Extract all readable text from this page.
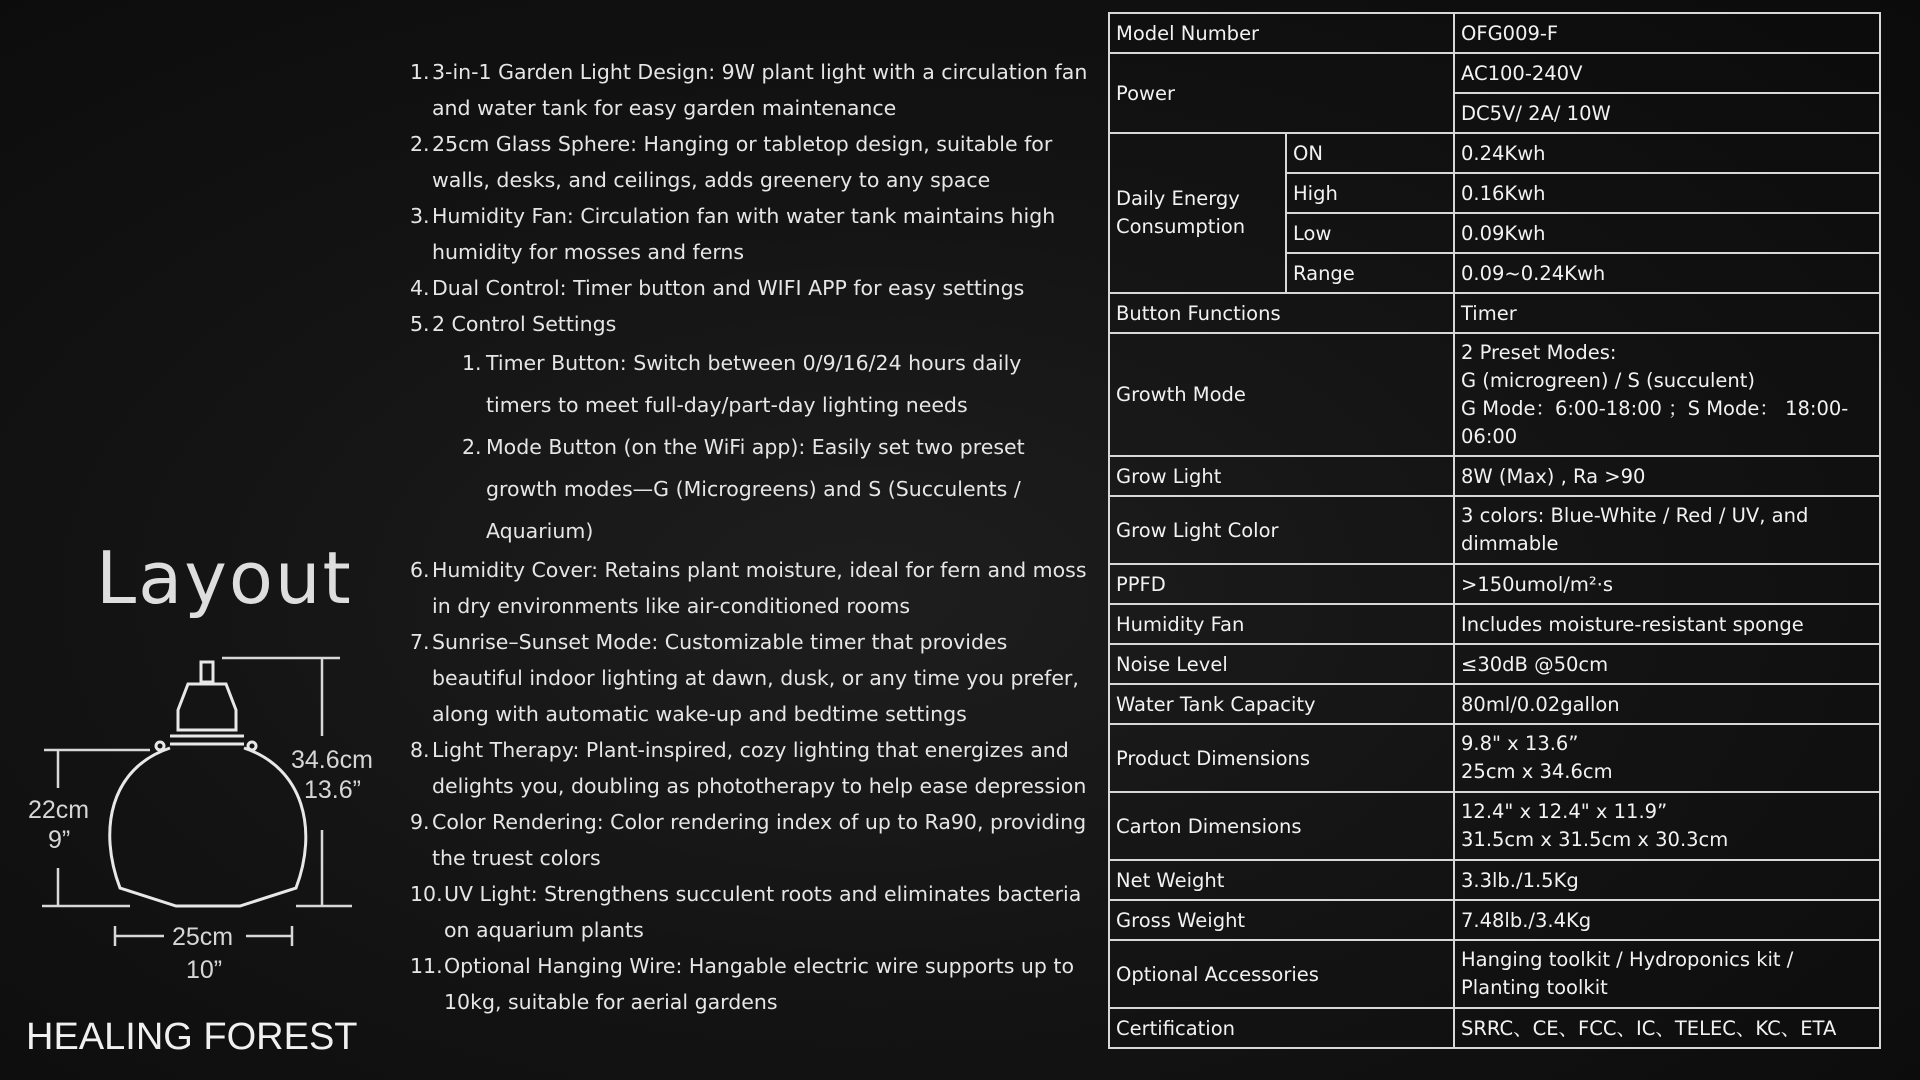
Layout
34.6cm
13.6”
22cm
9”
25cm
10”
HEALING FOREST
1. 3-in-1 Garden Light Design: 9W plant light with a circulation fan and water tank for easy garden maintenance
2. 25cm Glass Sphere: Hanging or tabletop design, suitable for walls, desks, and ceilings, adds greenery to any space
3. Humidity Fan: Circulation fan with water tank maintains high humidity for mosses and ferns
4. Dual Control: Timer button and WIFI APP for easy settings
5. 2 Control Settings
1. Timer Button: Switch between 0/9/16/24 hours daily timers to meet full-day/part-day lighting needs
2. Mode Button (on the WiFi app): Easily set two preset growth modes—G (Microgreens) and S (Succulents / Aquarium)
6. Humidity Cover: Retains plant moisture, ideal for fern and moss in dry environments like air-conditioned rooms
7. Sunrise–Sunset Mode: Customizable timer that provides beautiful indoor lighting at dawn, dusk, or any time you prefer, along with automatic wake-up and bedtime settings
8. Light Therapy: Plant-inspired, cozy lighting that energizes and delights you, doubling as phototherapy to help ease depression
9. Color Rendering: Color rendering index of up to Ra90, providing the truest colors
10. UV Light: Strengthens succulent roots and eliminates bacteria on aquarium plants
11. Optional Hanging Wire: Hangable electric wire supports up to 10kg, suitable for aerial gardens
Model Number		OFG009-F
Power		AC100-240V
		DC5V/ 2A/ 10W
Daily Energy Consumption	ON	0.24Kwh
	High	0.16Kwh
	Low	0.09Kwh
	Range	0.09~0.24Kwh
Button Functions		Timer
Growth Mode		2 Preset Modes:
G (microgreen) / S (succulent)
G Mode：6:00-18:00 ；S Mode： 18:00-06:00

Grow Light		8W (Max) , Ra >90
Grow Light Color		3 colors: Blue-White / Red / UV, and dimmable
PPFD		>150umol/m²·s
Humidity Fan		Includes moisture-resistant sponge
Noise Level		≤30dB @50cm
Water Tank Capacity		80ml/0.02gallon
Product Dimensions		9.8" x 13.6”
25cm x 34.6cm

Carton Dimensions		12.4" x 12.4" x 11.9”
31.5cm x 31.5cm x 30.3cm

Net Weight		3.3lb./1.5Kg
Gross Weight		7.48lb./3.4Kg
Optional Accessories		Hanging toolkit / Hydroponics kit / Planting toolkit
Certification		SRRC、CE、FCC、IC、TELEC、KC、ETA
